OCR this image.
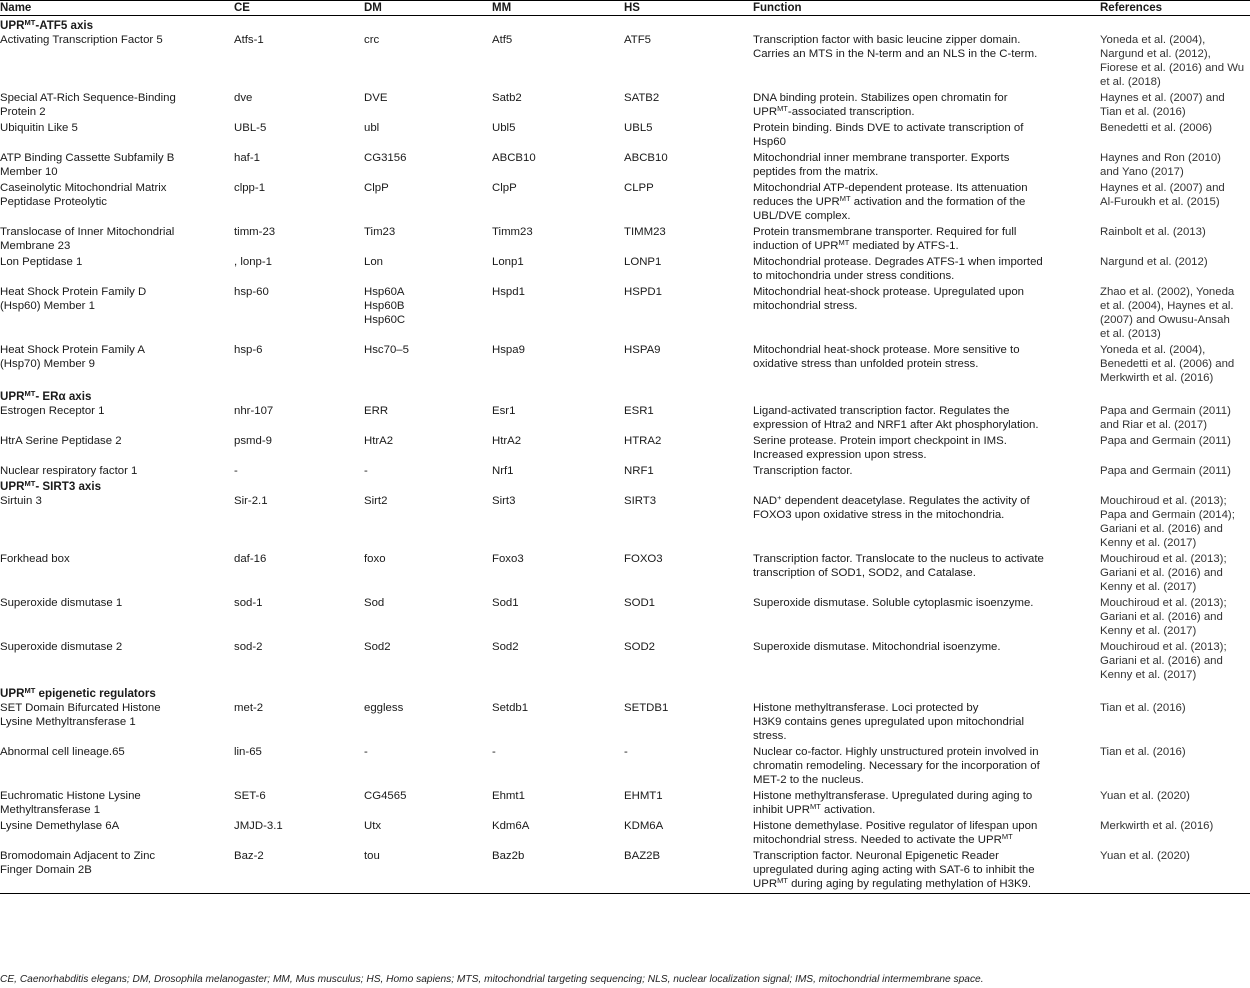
Name	CE	DM	MM	HS	Function	References
$UPR^{MT}-ATF5$ axis						
Activating Transcription Factor 5	Atfs-1	crc	Atf5	ATF5	Transcription factor with basic leucine zipper domain.
Carries an MTS in the N-term and an NLS in the C-term.	Yoneda et al. (2004),
Nargund et al. (2012),
Fiorese et al. (2016) and Wu
et al. (2018)

Special AT-Rich Sequence-Binding
Protein 2	dve	DVE	Satb2	SATB2	DNA binding protein. Stabilizes open chromatin for
$UPR^{MT}$-associated transcription.	Haynes et al. (2007) and
Tian et al. (2016)

Ubiquitin Like 5	UBL-5	ubl	Ubl5	UBL5	Protein binding. Binds DVE to activate transcription of
Hsp60	Benedetti et al. (2006)

ATP Binding Cassette Subfamily B
Member 10	haf-1	CG3156	ABCB10	ABCB10	Mitochondrial inner membrane transporter. Exports
peptides from the matrix.	Haynes and Ron (2010)
and Yano (2017)

Caseinolytic Mitochondrial Matrix
Peptidase Proteolytic	clpp-1	ClpP	ClpP	CLPP	Mitochondrial ATP-dependent protease. Its attenuation
reduces the $UPR^{MT}$ activation and the formation of the
UBL/DVE complex.	Haynes et al. (2007) and
Al-Furoukh et al. (2015)

Translocase of Inner Mitochondrial
Membrane 23	timm-23	Tim23	Timm23	TIMM23	Protein transmembrane transporter. Required for full
induction of $UPR^{MT}$ mediated by ATFS-1.	Rainbolt et al. (2013)

Lon Peptidase 1	, lonp-1	Lon	Lonp1	LONP1	Mitochondrial protease. Degrades ATFS-1 when imported
to mitochondria under stress conditions.	Nargund et al. (2012)

Heat Shock Protein Family D
(Hsp60) Member 1	hsp-60	Hsp60A
Hsp60B
Hsp60C	Hspd1	HSPD1	Mitochondrial heat-shock protease. Upregulated upon
mitochondrial stress.	Zhao et al. (2002), Yoneda
et al. (2004), Haynes et al.
(2007) and Owusu-Ansah
et al. (2013)

Heat Shock Protein Family A
(Hsp70) Member 9	hsp-6	Hsc70–5	Hspa9	HSPA9	Mitochondrial heat-shock protease. More sensitive to
oxidative stress than unfolded protein stress.	Yoneda et al. (2004),
Benedetti et al. (2006) and
Merkwirth et al. (2016)

$UPR^{MT}-$ ERα axis						
Estrogen Receptor 1	nhr-107	ERR	Esr1	ESR1	Ligand-activated transcription factor. Regulates the
expression of Htra2 and NRF1 after Akt phosphorylation.	Papa and Germain (2011)
and Riar et al. (2017)

HtrA Serine Peptidase 2	psmd-9	HtrA2	HtrA2	HTRA2	Serine protease. Protein import checkpoint in IMS.
Increased expression upon stress.	Papa and Germain (2011)

Nuclear respiratory factor 1	-	-	Nrf1	NRF1	Transcription factor.	Papa and Germain (2011)

$UPR^{MT}-$ SIRT3 axis						
Sirtuin 3	Sir-2.1	Sirt2	Sirt3	SIRT3	NAD+ dependent deacetylase. Regulates the activity of
FOXO3 upon oxidative stress in the mitochondria.	Mouchiroud et al. (2013);
Papa and Germain (2014);
Gariani et al. (2016) and
Kenny et al. (2017)

Forkhead box	daf-16	foxo	Foxo3	FOXO3	Transcription factor. Translocate to the nucleus to activate
transcription of SOD1, SOD2, and Catalase.	Mouchiroud et al. (2013);
Gariani et al. (2016) and
Kenny et al. (2017)

Superoxide dismutase 1	sod-1	Sod	Sod1	SOD1	Superoxide dismutase. Soluble cytoplasmic isoenzyme.	Mouchiroud et al. (2013);
Gariani et al. (2016) and
Kenny et al. (2017)

Superoxide dismutase 2	sod-2	Sod2	Sod2	SOD2	Superoxide dismutase. Mitochondrial isoenzyme.	Mouchiroud et al. (2013);
Gariani et al. (2016) and
Kenny et al. (2017)

$UPR^{MT}$ epigenetic regulators						

SET Domain Bifurcated Histone
Lysine Methyltransferase 1	met-2	eggless	Setdb1	SETDB1	Histone methyltransferase. Loci protected by
H3K9 contains genes upregulated upon mitochondrial
stress.	Tian et al. (2016)

Abnormal cell lineage.65	lin-65	-	-	-	Nuclear co-factor. Highly unstructured protein involved in
chromatin remodeling. Necessary for the incorporation of
MET-2 to the nucleus.	Tian et al. (2016)

Euchromatic Histone Lysine
Methyltransferase 1	SET-6	CG4565	Ehmt1	EHMT1	Histone methyltransferase. Upregulated during aging to
inhibit $UPR^{MT}$ activation.	Yuan et al. (2020)

Lysine Demethylase 6A	JMJD-3.1	Utx	Kdm6A	KDM6A	Histone demethylase. Positive regulator of lifespan upon
mitochondrial stress. Needed to activate the $UPR^{MT}$	Merkwirth et al. (2016)

Bromodomain Adjacent to Zinc
Finger Domain 2B	Baz-2	tou	Baz2b	BAZ2B	Transcription factor. Neuronal Epigenetic Reader
upregulated during aging acting with SAT-6 to inhibit the
$UPR^{MT}$ during aging by regulating methylation of H3K9.	Yuan et al. (2020)
CE, Caenorhabditis elegans; DM, Drosophila melanogaster; MM, Mus musculus; HS, Homo sapiens; MTS, mitochondrial targeting sequencing; NLS, nuclear localization signal; IMS, mitochondrial intermembrane space.
